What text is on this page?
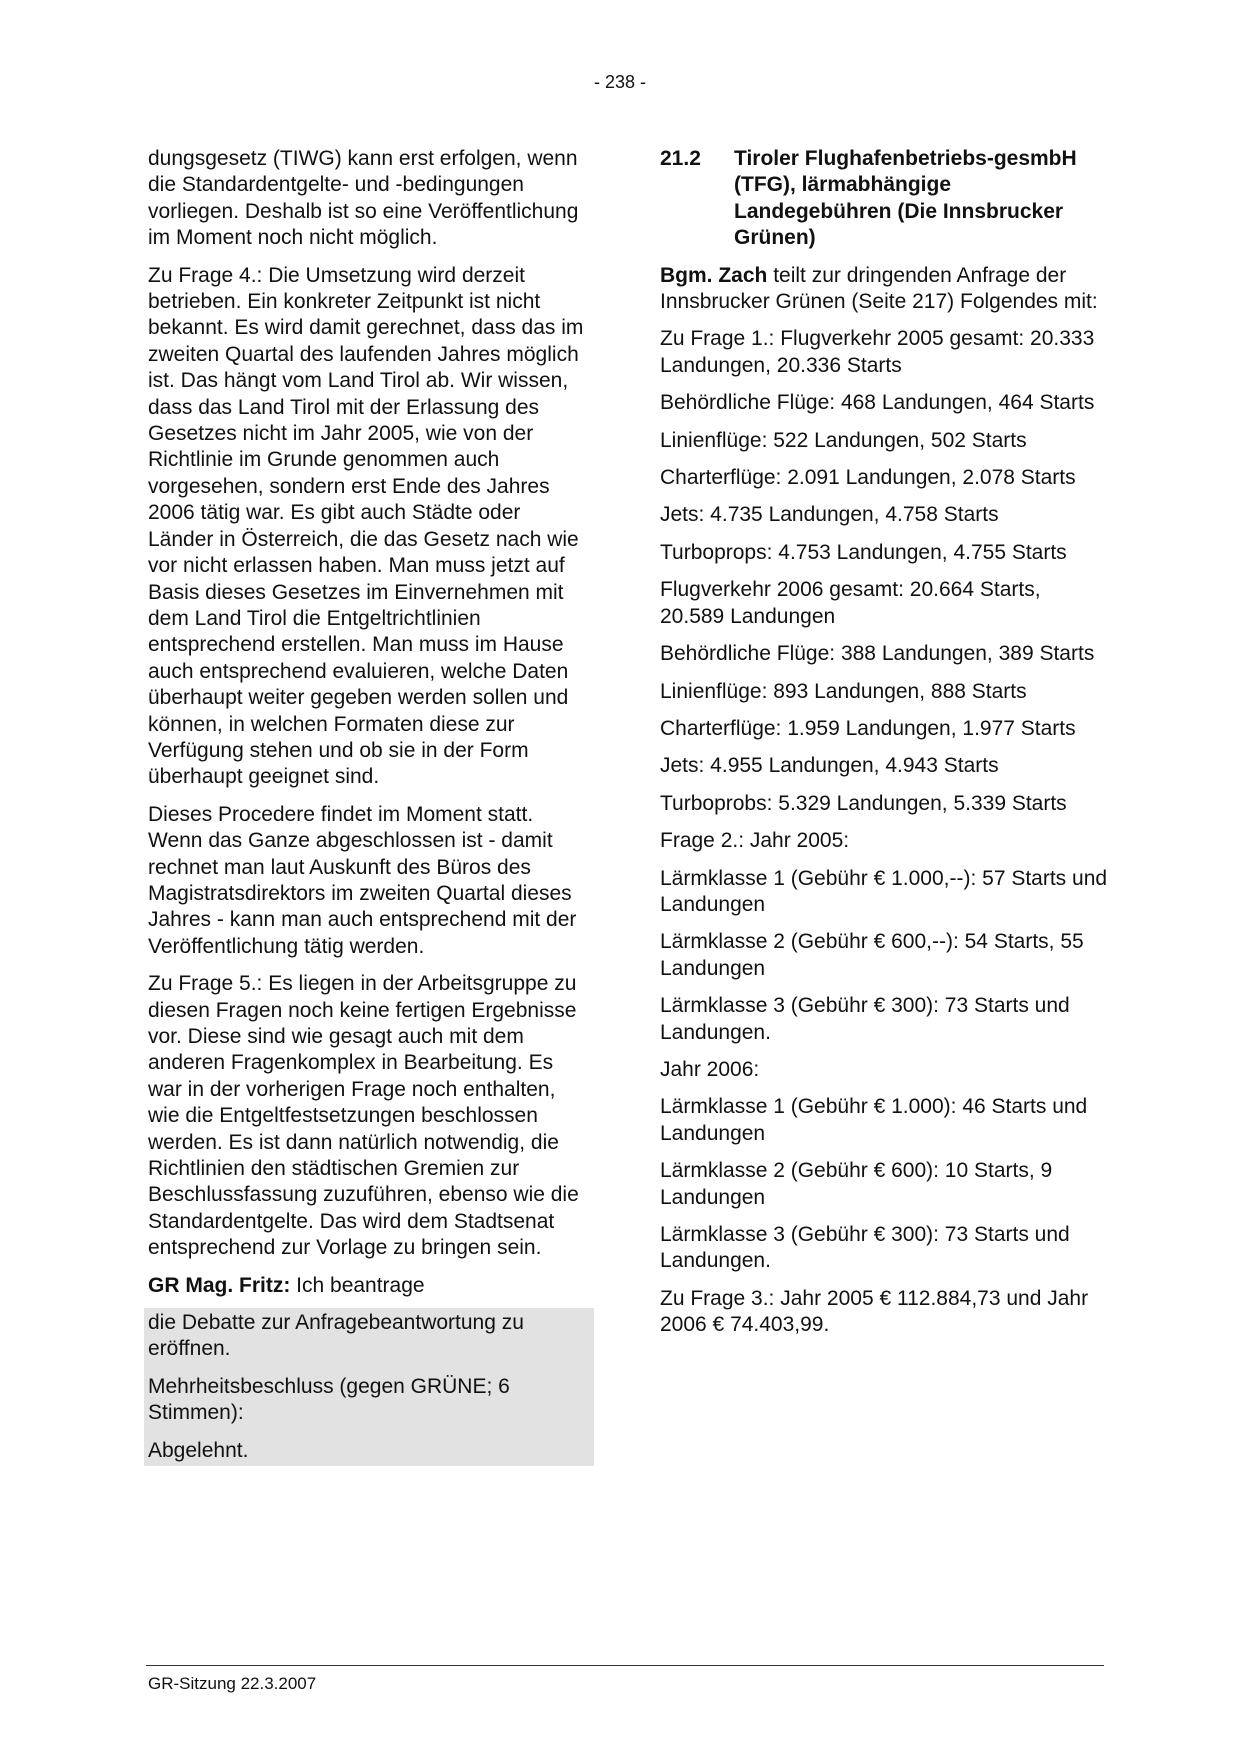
- 238 -

dungsgesetz (TIWG) kann erst erfolgen, wenn die Standardentgelte- und -bedingungen vorliegen. Deshalb ist so eine Veröffentlichung im Moment noch nicht möglich.

Zu Frage 4.: Die Umsetzung wird derzeit betrieben. Ein konkreter Zeitpunkt ist nicht bekannt. Es wird damit gerechnet, dass das im zweiten Quartal des laufenden Jahres möglich ist. Das hängt vom Land Tirol ab. Wir wissen, dass das Land Tirol mit der Erlassung des Gesetzes nicht im Jahr 2005, wie von der Richtlinie im Grunde genommen auch vorgesehen, sondern erst Ende des Jahres 2006 tätig war. Es gibt auch Städte oder Länder in Österreich, die das Gesetz nach wie vor nicht erlassen haben. Man muss jetzt auf Basis dieses Gesetzes im Einvernehmen mit dem Land Tirol die Entgeltrichtlinien entsprechend erstellen. Man muss im Hause auch entsprechend evaluieren, welche Daten überhaupt weiter gegeben werden sollen und können, in welchen Formaten diese zur Verfügung stehen und ob sie in der Form überhaupt geeignet sind.

Dieses Procedere findet im Moment statt. Wenn das Ganze abgeschlossen ist - damit rechnet man laut Auskunft des Büros des Magistratsdirektors im zweiten Quartal dieses Jahres - kann man auch entsprechend mit der Veröffentlichung tätig werden.

Zu Frage 5.: Es liegen in der Arbeitsgruppe zu diesen Fragen noch keine fertigen Ergebnisse vor. Diese sind wie gesagt auch mit dem anderen Fragenkomplex in Bearbeitung. Es war in der vorherigen Frage noch enthalten, wie die Entgeltfestsetzungen beschlossen werden. Es ist dann natürlich notwendig, die Richtlinien den städtischen Gremien zur Beschlussfassung zuzuführen, ebenso wie die Standardentgelte. Das wird dem Stadtsenat entsprechend zur Vorlage zu bringen sein.

GR Mag. Fritz: Ich beantrage

die Debatte zur Anfragebeantwortung zu eröffnen.

Mehrheitsbeschluss (gegen GRÜNE; 6 Stimmen):

Abgelehnt.

21.2	Tiroler Flughafenbetriebs-gesmbH (TFG), lärmabhängige Landegebühren (Die Innsbrucker Grünen)

Bgm. Zach teilt zur dringenden Anfrage der Innsbrucker Grünen (Seite 217) Folgendes mit:

Zu Frage 1.: Flugverkehr 2005 gesamt: 20.333 Landungen, 20.336 Starts

Behördliche Flüge: 468 Landungen, 464 Starts

Linienflüge: 522 Landungen, 502 Starts

Charterflüge: 2.091 Landungen, 2.078 Starts

Jets: 4.735 Landungen, 4.758 Starts

Turboprops: 4.753 Landungen, 4.755 Starts

Flugverkehr 2006 gesamt: 20.664 Starts, 20.589 Landungen

Behördliche Flüge: 388 Landungen, 389 Starts

Linienflüge: 893 Landungen, 888 Starts

Charterflüge: 1.959 Landungen, 1.977 Starts

Jets: 4.955 Landungen, 4.943 Starts

Turboprobs: 5.329 Landungen, 5.339 Starts

Frage 2.: Jahr 2005:

Lärmklasse 1 (Gebühr € 1.000,--): 57 Starts und Landungen

Lärmklasse 2 (Gebühr € 600,--): 54 Starts, 55 Landungen

Lärmklasse 3 (Gebühr € 300): 73 Starts und Landungen.

Jahr 2006:

Lärmklasse 1 (Gebühr € 1.000): 46 Starts und Landungen

Lärmklasse 2 (Gebühr € 600): 10 Starts, 9 Landungen

Lärmklasse 3 (Gebühr € 300): 73 Starts und Landungen.

Zu Frage 3.: Jahr 2005 € 112.884,73 und Jahr 2006 € 74.403,99.

GR-Sitzung 22.3.2007
